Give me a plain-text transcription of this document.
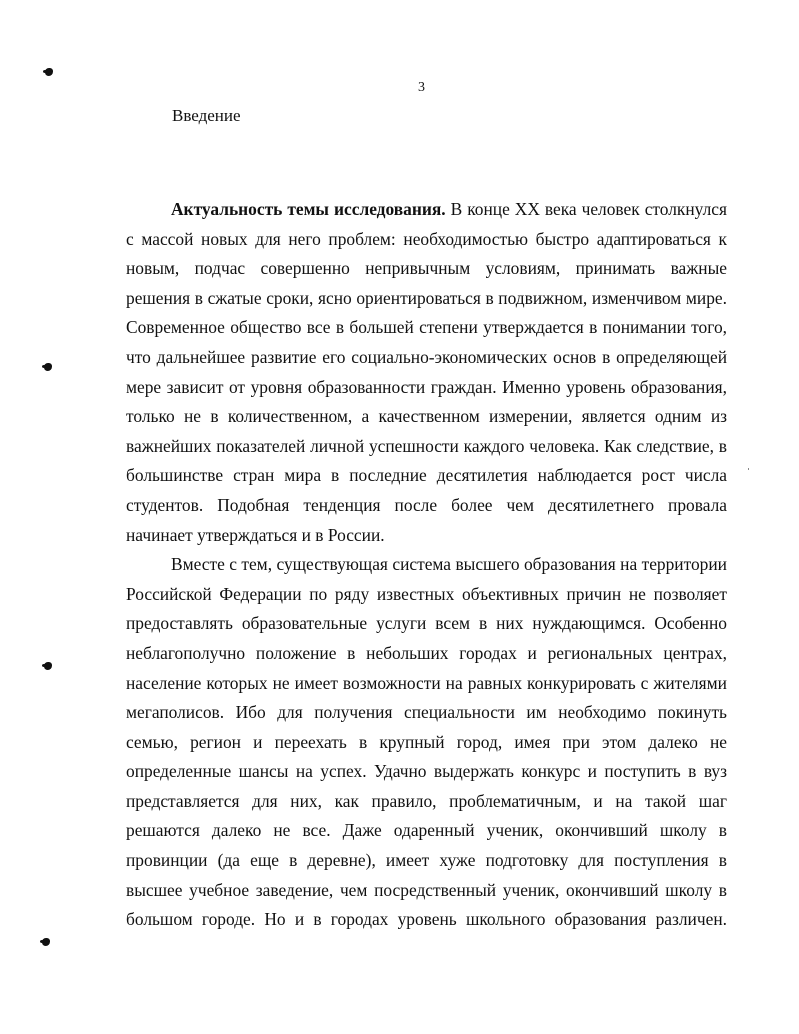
3
Введение
Актуальность темы исследования. В конце XX века человек столкнулся
с массой новых для него проблем: необходимостью быстро адаптироваться к
новым, подчас совершенно непривычным условиям, принимать важные
решения в сжатые сроки, ясно ориентироваться в подвижном, изменчивом мире.
Современное общество все в большей степени утверждается в понимании того,
что дальнейшее развитие его социально-экономических основ в определяющей
мере зависит от уровня образованности граждан. Именно уровень образования,
только не в количественном, а качественном измерении, является одним из
важнейших показателей личной успешности каждого человека. Как следствие, в
большинстве стран мира в последние десятилетия наблюдается рост числа
студентов. Подобная тенденция после более чем десятилетнего провала
начинает утверждаться и в России.
Вместе с тем, существующая система высшего образования на территории
Российской Федерации по ряду известных объективных причин не позволяет
предоставлять образовательные услуги всем в них нуждающимся. Особенно
неблагополучно положение в небольших городах и региональных центрах,
население которых не имеет возможности на равных конкурировать с жителями
мегаполисов. Ибо для получения специальности им необходимо покинуть
семью, регион и переехать в крупный город, имея при этом далеко не
определенные шансы на успех. Удачно выдержать конкурс и поступить в вуз
представляется для них, как правило, проблематичным, и на такой шаг
решаются далеко не все. Даже одаренный ученик, окончивший школу в
провинции (да еще в деревне), имеет хуже подготовку для поступления в
высшее учебное заведение, чем посредственный ученик, окончивший школу в
большом городе. Но и в городах уровень школьного образования различен.
